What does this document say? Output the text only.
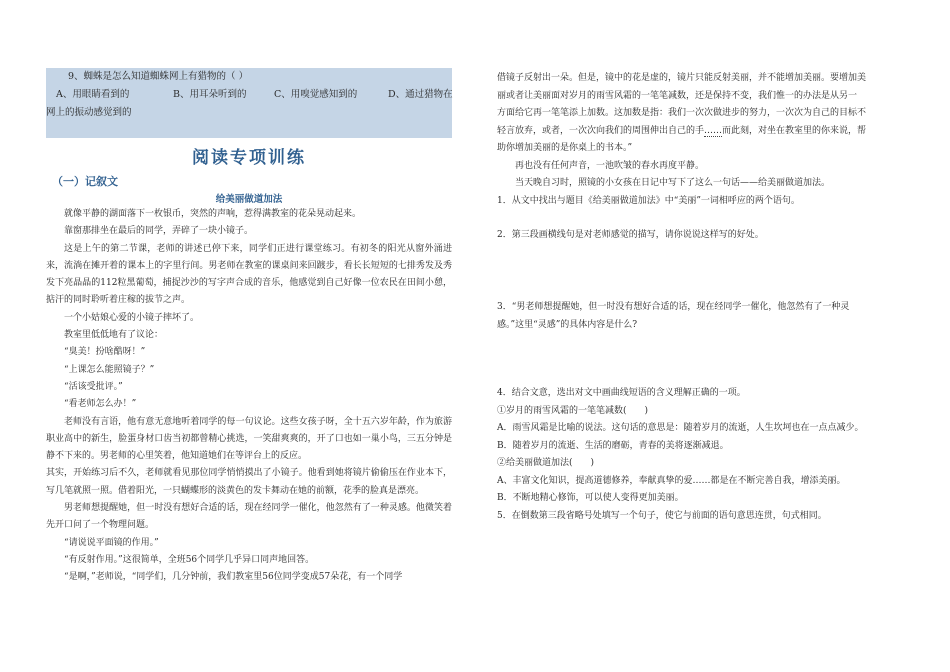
9、蜘蛛是怎么知道蜘蛛网上有猎物的（ ）
A、用眼睛看到的	B、用耳朵听到的	C、用嗅觉感知到的	D、通过猎物在
网上的振动感觉到的
阅读专项训练
（一）记叙文
给美丽做道加法

就像平静的湖面落下一枚银币，突然的声响，惹得满教室的花朵晃动起来。

靠窗那排坐在最后的同学，弄碎了一块小镜子。

这是上午的第二节课，老师的讲述已停下来，同学们正进行课堂练习。有初冬的阳光从窗外涌进来，流淌在摊开着的课本上的字里行间。男老师在教室的课桌间来回踱步，看长长短短的七排秀发及秀发下亮晶晶的112粒黑葡萄，捕捉沙沙的写字声合成的音乐，他感觉到自己好像一位农民在田间小憩，掂汗的同时聆听着庄稼的拔节之声。

一个小姑娘心爱的小镜子摔坏了。

教室里低低地有了议论：

“臭美！扮啥酷呀！”

“上课怎么能照镜子？”

“活该受批评。”

“看老师怎么办！”

老师没有言语，他有意无意地听着同学的每一句议论。这些女孩子呀，全十五六岁年龄，作为旅游职业高中的新生，脸蛋身材口齿当初都曾精心挑选，一笑甜爽爽的，开了口也如一巢小鸟，三五分钟是静不下来的。男老师的心里笑着，他知道她们在等评台上的反应。

其实，开始练习后不久，老师就看见那位同学悄悄摸出了小镜子。他看到她将镜片偷偷压在作业本下，写几笔就照一照。借着阳光，一只蝴蝶形的淡黄色的发卡舞动在她的前额，花季的脸真是漂亮。

男老师想提醒她，但一时没有想好合适的话，现在经同学一催化，他忽然有了一种灵感。他微笑着先开口问了一个物理问题。

“请说说平面镜的作用。”

“有反射作用。”这很简单，全班56个同学几乎异口同声地回答。

“是啊，”老师说，“同学们，几分钟前，我们教室里56位同学变成57朵花，有一个同学

借镜子反射出一朵。但是，镜中的花是虚的，镜片只能反射美丽，并不能增加美丽。要增加美

丽或者让美丽面对岁月的雨雪风霜的一笔笔减数，还是保持不变，我们惟一的办法是从另一

方面给它再一笔笔添上加数。这加数是指：我们一次次做进步的努力，一次次为自己的目标不

轻言放弃，或者，一次次向我们的周围伸出自己的手……而此刻，对坐在教室里的你来说，帮

助你增加美丽的是你桌上的书本。”

再也没有任何声音，一池吹皱的春水再度平静。

当天晚自习时，照镜的小女孩在日记中写下了这么一句话——给美丽做道加法。

1．从文中找出与题目《给美丽做道加法》中“美丽”一词相呼应的两个语句。

2．第三段画横线句是对老师感觉的描写，请你说说这样写的好处。

3．“男老师想提醒她，但一时没有想好合适的话，现在经同学一催化，他忽然有了一种灵

感。”这里“灵感”的具体内容是什么?

4．结合文意，选出对文中画曲线短语的含义理解正确的一项。

①岁月的雨雪风霜的一笔笔减数(　　)

A．雨雪风霜是比喻的说法。这句话的意思是：随着岁月的流逝，人生坎坷也在一点点减少。

B．随着岁月的流逝、生活的磨砺，青春的美将逐渐减退。

②给美丽做道加法(　　)

A、丰富文化知识，提高道德修养，奉献真挚的爱……都是在不断完善自我，增添美丽。

B．不断地精心修饰，可以使人变得更加美丽。

5．在倒数第三段省略号处填写一个句子，使它与前面的语句意思连贯，句式相同。
